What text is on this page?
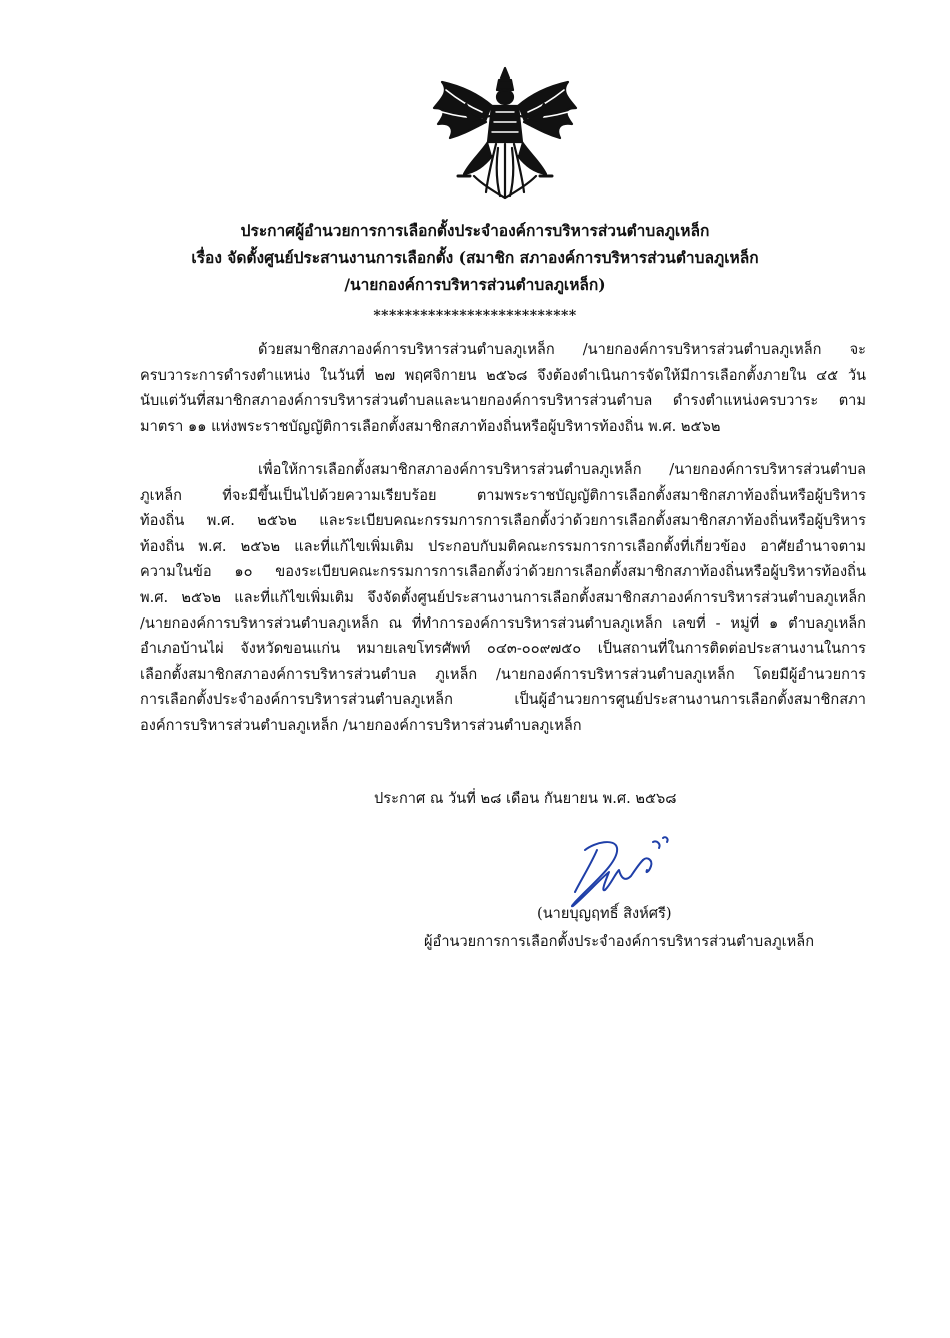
ประกาศผู้อำนวยการการเลือกตั้งประจำองค์การบริหารส่วนตำบลภูเหล็ก
เรื่อง จัดตั้งศูนย์ประสานงานการเลือกตั้ง (สมาชิก สภาองค์การบริหารส่วนตำบลภูเหล็ก
/นายกองค์การบริหารส่วนตำบลภูเหล็ก)
**************************
ด้วยสมาชิกสภาองค์การบริหารส่วนตำบลภูเหล็ก /นายกองค์การบริหารส่วนตำบลภูเหล็ก จะ
ครบวาระการดำรงตำแหน่ง ในวันที่ ๒๗ พฤศจิกายน ๒๕๖๘ จึงต้องดำเนินการจัดให้มีการเลือกตั้งภายใน ๔๕ วัน
นับแต่วันที่สมาชิกสภาองค์การบริหารส่วนตำบลและนายกองค์การบริหารส่วนตำบล ดำรงตำแหน่งครบวาระ ตาม
มาตรา ๑๑ แห่งพระราชบัญญัติการเลือกตั้งสมาชิกสภาท้องถิ่นหรือผู้บริหารท้องถิ่น พ.ศ. ๒๕๖๒
เพื่อให้การเลือกตั้งสมาชิกสภาองค์การบริหารส่วนตำบลภูเหล็ก /นายกองค์การบริหารส่วนตำบล
ภูเหล็ก ที่จะมีขึ้นเป็นไปด้วยความเรียบร้อย ตามพระราชบัญญัติการเลือกตั้งสมาชิกสภาท้องถิ่นหรือผู้บริหาร
ท้องถิ่น พ.ศ. ๒๕๖๒ และระเบียบคณะกรรมการการเลือกตั้งว่าด้วยการเลือกตั้งสมาชิกสภาท้องถิ่นหรือผู้บริหาร
ท้องถิ่น พ.ศ. ๒๕๖๒ และที่แก้ไขเพิ่มเติม ประกอบกับมติคณะกรรมการการเลือกตั้งที่เกี่ยวข้อง อาศัยอำนาจตาม
ความในข้อ ๑๐ ของระเบียบคณะกรรมการการเลือกตั้งว่าด้วยการเลือกตั้งสมาชิกสภาท้องถิ่นหรือผู้บริหารท้องถิ่น
พ.ศ. ๒๕๖๒ และที่แก้ไขเพิ่มเติม จึงจัดตั้งศูนย์ประสานงานการเลือกตั้งสมาชิกสภาองค์การบริหารส่วนตำบลภูเหล็ก
/นายกองค์การบริหารส่วนตำบลภูเหล็ก ณ ที่ทำการองค์การบริหารส่วนตำบลภูเหล็ก เลขที่ - หมู่ที่ ๑ ตำบลภูเหล็ก
อำเภอบ้านไผ่ จังหวัดขอนแก่น หมายเลขโทรศัพท์ ๐๔๓-๐๐๙๗๕๐ เป็นสถานที่ในการติดต่อประสานงานในการ
เลือกตั้งสมาชิกสภาองค์การบริหารส่วนตำบล ภูเหล็ก /นายกองค์การบริหารส่วนตำบลภูเหล็ก โดยมีผู้อำนวยการ
การเลือกตั้งประจำองค์การบริหารส่วนตำบลภูเหล็ก เป็นผู้อำนวยการศูนย์ประสานงานการเลือกตั้งสมาชิกสภา
องค์การบริหารส่วนตำบลภูเหล็ก /นายกองค์การบริหารส่วนตำบลภูเหล็ก
ประกาศ ณ วันที่ ๒๘ เดือน กันยายน พ.ศ. ๒๕๖๘
(นายบุญฤทธิ์ สิงห์ศรี)
ผู้อำนวยการการเลือกตั้งประจำองค์การบริหารส่วนตำบลภูเหล็ก
